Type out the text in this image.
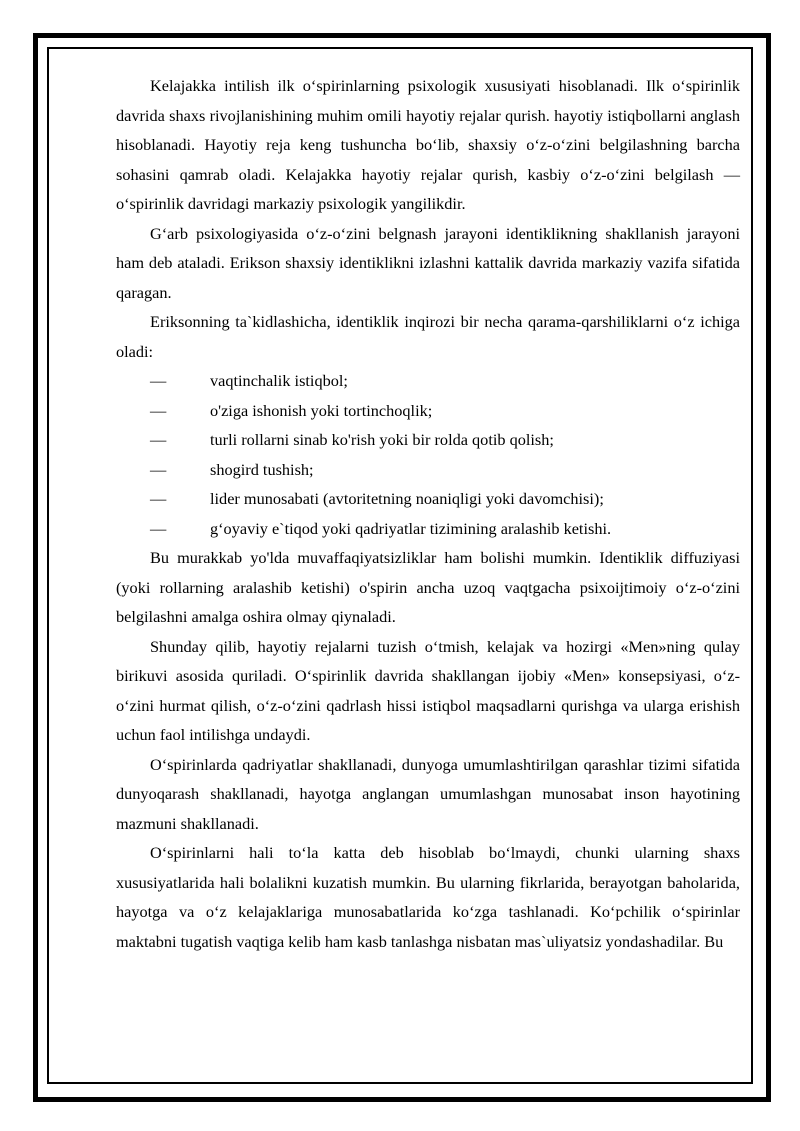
Kelajakka intilish ilk o‘spirinlarning psixologik xususiyati hisoblanadi. Ilk o‘spirinlik davrida shaxs rivojlanishining muhim omili hayotiy rejalar qurish. hayotiy istiqbollarni anglash hisoblanadi. Hayotiy reja keng tushuncha bo‘lib, shaxsiy o‘z-o‘zini belgilashning barcha sohasini qamrab oladi. Kelajakka hayotiy rejalar qurish, kasbiy o‘z-o‘zini belgilash — o‘spirinlik davridagi markaziy psixologik yangilikdir.

G‘arb psixologiyasida o‘z-o‘zini belgnash jarayoni identiklikning shakllanish jarayoni ham deb ataladi. Erikson shaxsiy identiklikni izlashni kattalik davrida markaziy vazifa sifatida qaragan.

Eriksonning ta`kidlashicha, identiklik inqirozi bir necha qarama-qarshiliklarni o‘z ichiga oladi:

—	vaqtinchalik istiqbol;
—	o'ziga ishonish yoki tortinchoqlik;
—	turli rollarni sinab ko'rish yoki bir rolda qotib qolish;
—	shogird tushish;
—	lider munosabati (avtoritetning noaniqligi yoki davomchisi);
—	g‘oyaviy e`tiqod yoki qadriyatlar tizimining aralashib ketishi.

Bu murakkab yo'lda muvaffaqiyatsizliklar ham bolishi mumkin. Identiklik diffuziyasi (yoki rollarning aralashib ketishi) o'spirin ancha uzoq vaqtgacha psixoijtimoiy o‘z-o‘zini belgilashni amalga oshira olmay qiynaladi.

Shunday qilib, hayotiy rejalarni tuzish o‘tmish, kelajak va hozirgi «Men»ning qulay birikuvi asosida quriladi. O‘spirinlik davrida shakllangan ijobiy «Men» konsepsiyasi, o‘z-o‘zini hurmat qilish, o‘z-o‘zini qadrlash hissi istiqbol maqsadlarni qurishga va ularga erishish uchun faol intilishga undaydi.

O‘spirinlarda qadriyatlar shakllanadi, dunyoga umumlashtirilgan qarashlar tizimi sifatida dunyoqarash shakllanadi, hayotga anglangan umumlashgan munosabat inson hayotining mazmuni shakllanadi.

O‘spirinlarni hali to‘la katta deb hisoblab bo‘lmaydi, chunki ularning shaxs xususiyatlarida hali bolalikni kuzatish mumkin. Bu ularning fikrlarida, berayotgan baholarida, hayotga va o‘z kelajaklariga munosabatlarida ko‘zga tashlanadi. Ko‘pchilik o‘spirinlar maktabni tugatish vaqtiga kelib ham kasb tanlashga nisbatan mas`uliyatsiz yondashadilar. Bu
